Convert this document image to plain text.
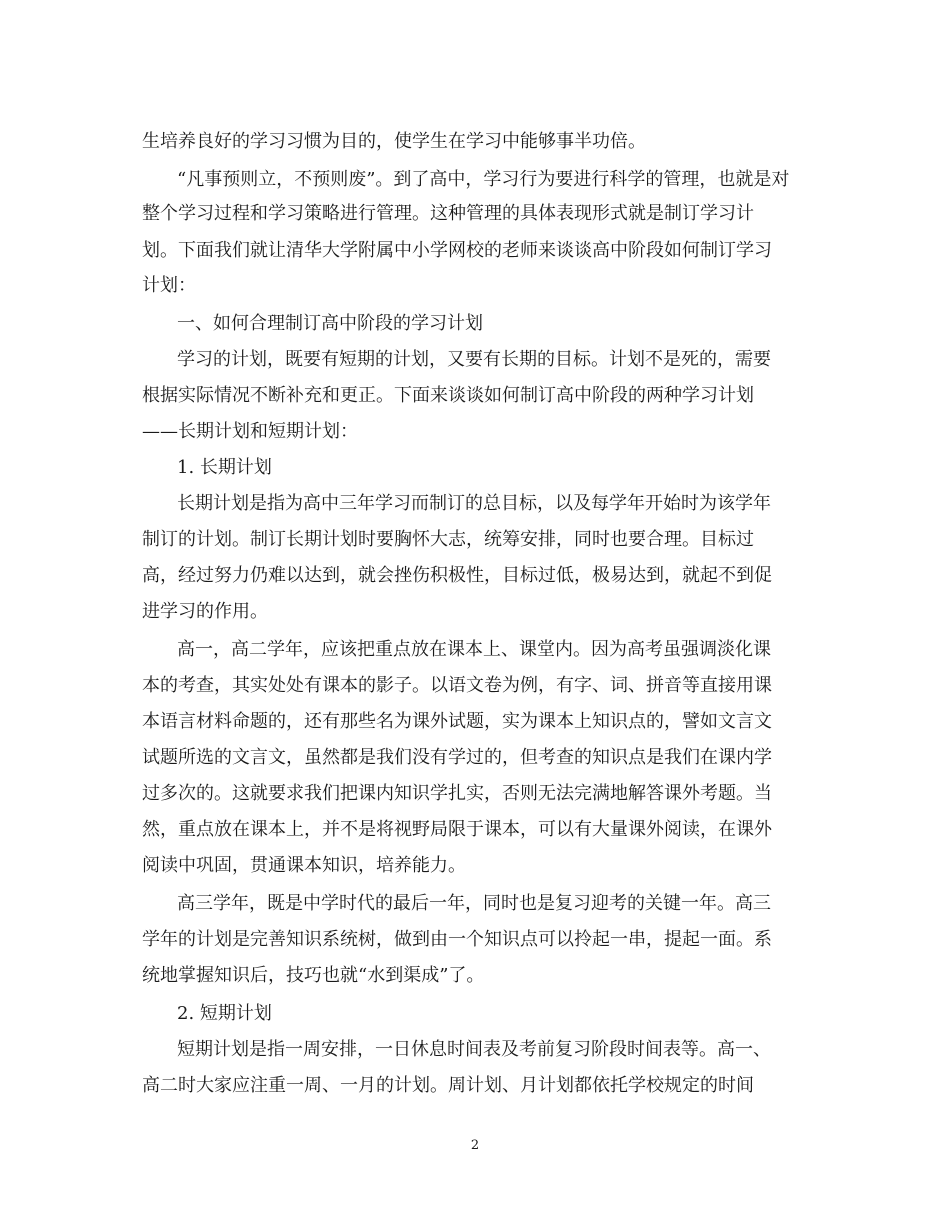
生培养良好的学习习惯为目的，使学生在学习中能够事半功倍。
“凡事预则立，不预则废”。到了高中，学习行为要进行科学的管理，也就是对
整个学习过程和学习策略进行管理。这种管理的具体表现形式就是制订学习计
划。下面我们就让清华大学附属中小学网校的老师来谈谈高中阶段如何制订学习
计划：
一、如何合理制订高中阶段的学习计划
学习的计划，既要有短期的计划，又要有长期的目标。计划不是死的，需要
根据实际情况不断补充和更正。下面来谈谈如何制订高中阶段的两种学习计划
——长期计划和短期计划：
1. 长期计划
长期计划是指为高中三年学习而制订的总目标，以及每学年开始时为该学年
制订的计划。制订长期计划时要胸怀大志，统筹安排，同时也要合理。目标过
高，经过努力仍难以达到，就会挫伤积极性，目标过低，极易达到，就起不到促
进学习的作用。
高一，高二学年，应该把重点放在课本上、课堂内。因为高考虽强调淡化课
本的考查，其实处处有课本的影子。以语文卷为例，有字、词、拼音等直接用课
本语言材料命题的，还有那些名为课外试题，实为课本上知识点的，譬如文言文
试题所选的文言文，虽然都是我们没有学过的，但考查的知识点是我们在课内学
过多次的。这就要求我们把课内知识学扎实，否则无法完满地解答课外考题。当
然，重点放在课本上，并不是将视野局限于课本，可以有大量课外阅读，在课外
阅读中巩固，贯通课本知识，培养能力。
高三学年，既是中学时代的最后一年，同时也是复习迎考的关键一年。高三
学年的计划是完善知识系统树，做到由一个知识点可以拎起一串，提起一面。系
统地掌握知识后，技巧也就“水到渠成”了。
2. 短期计划
短期计划是指一周安排，一日休息时间表及考前复习阶段时间表等。高一、
高二时大家应注重一周、一月的计划。周计划、月计划都依托学校规定的时间
2
